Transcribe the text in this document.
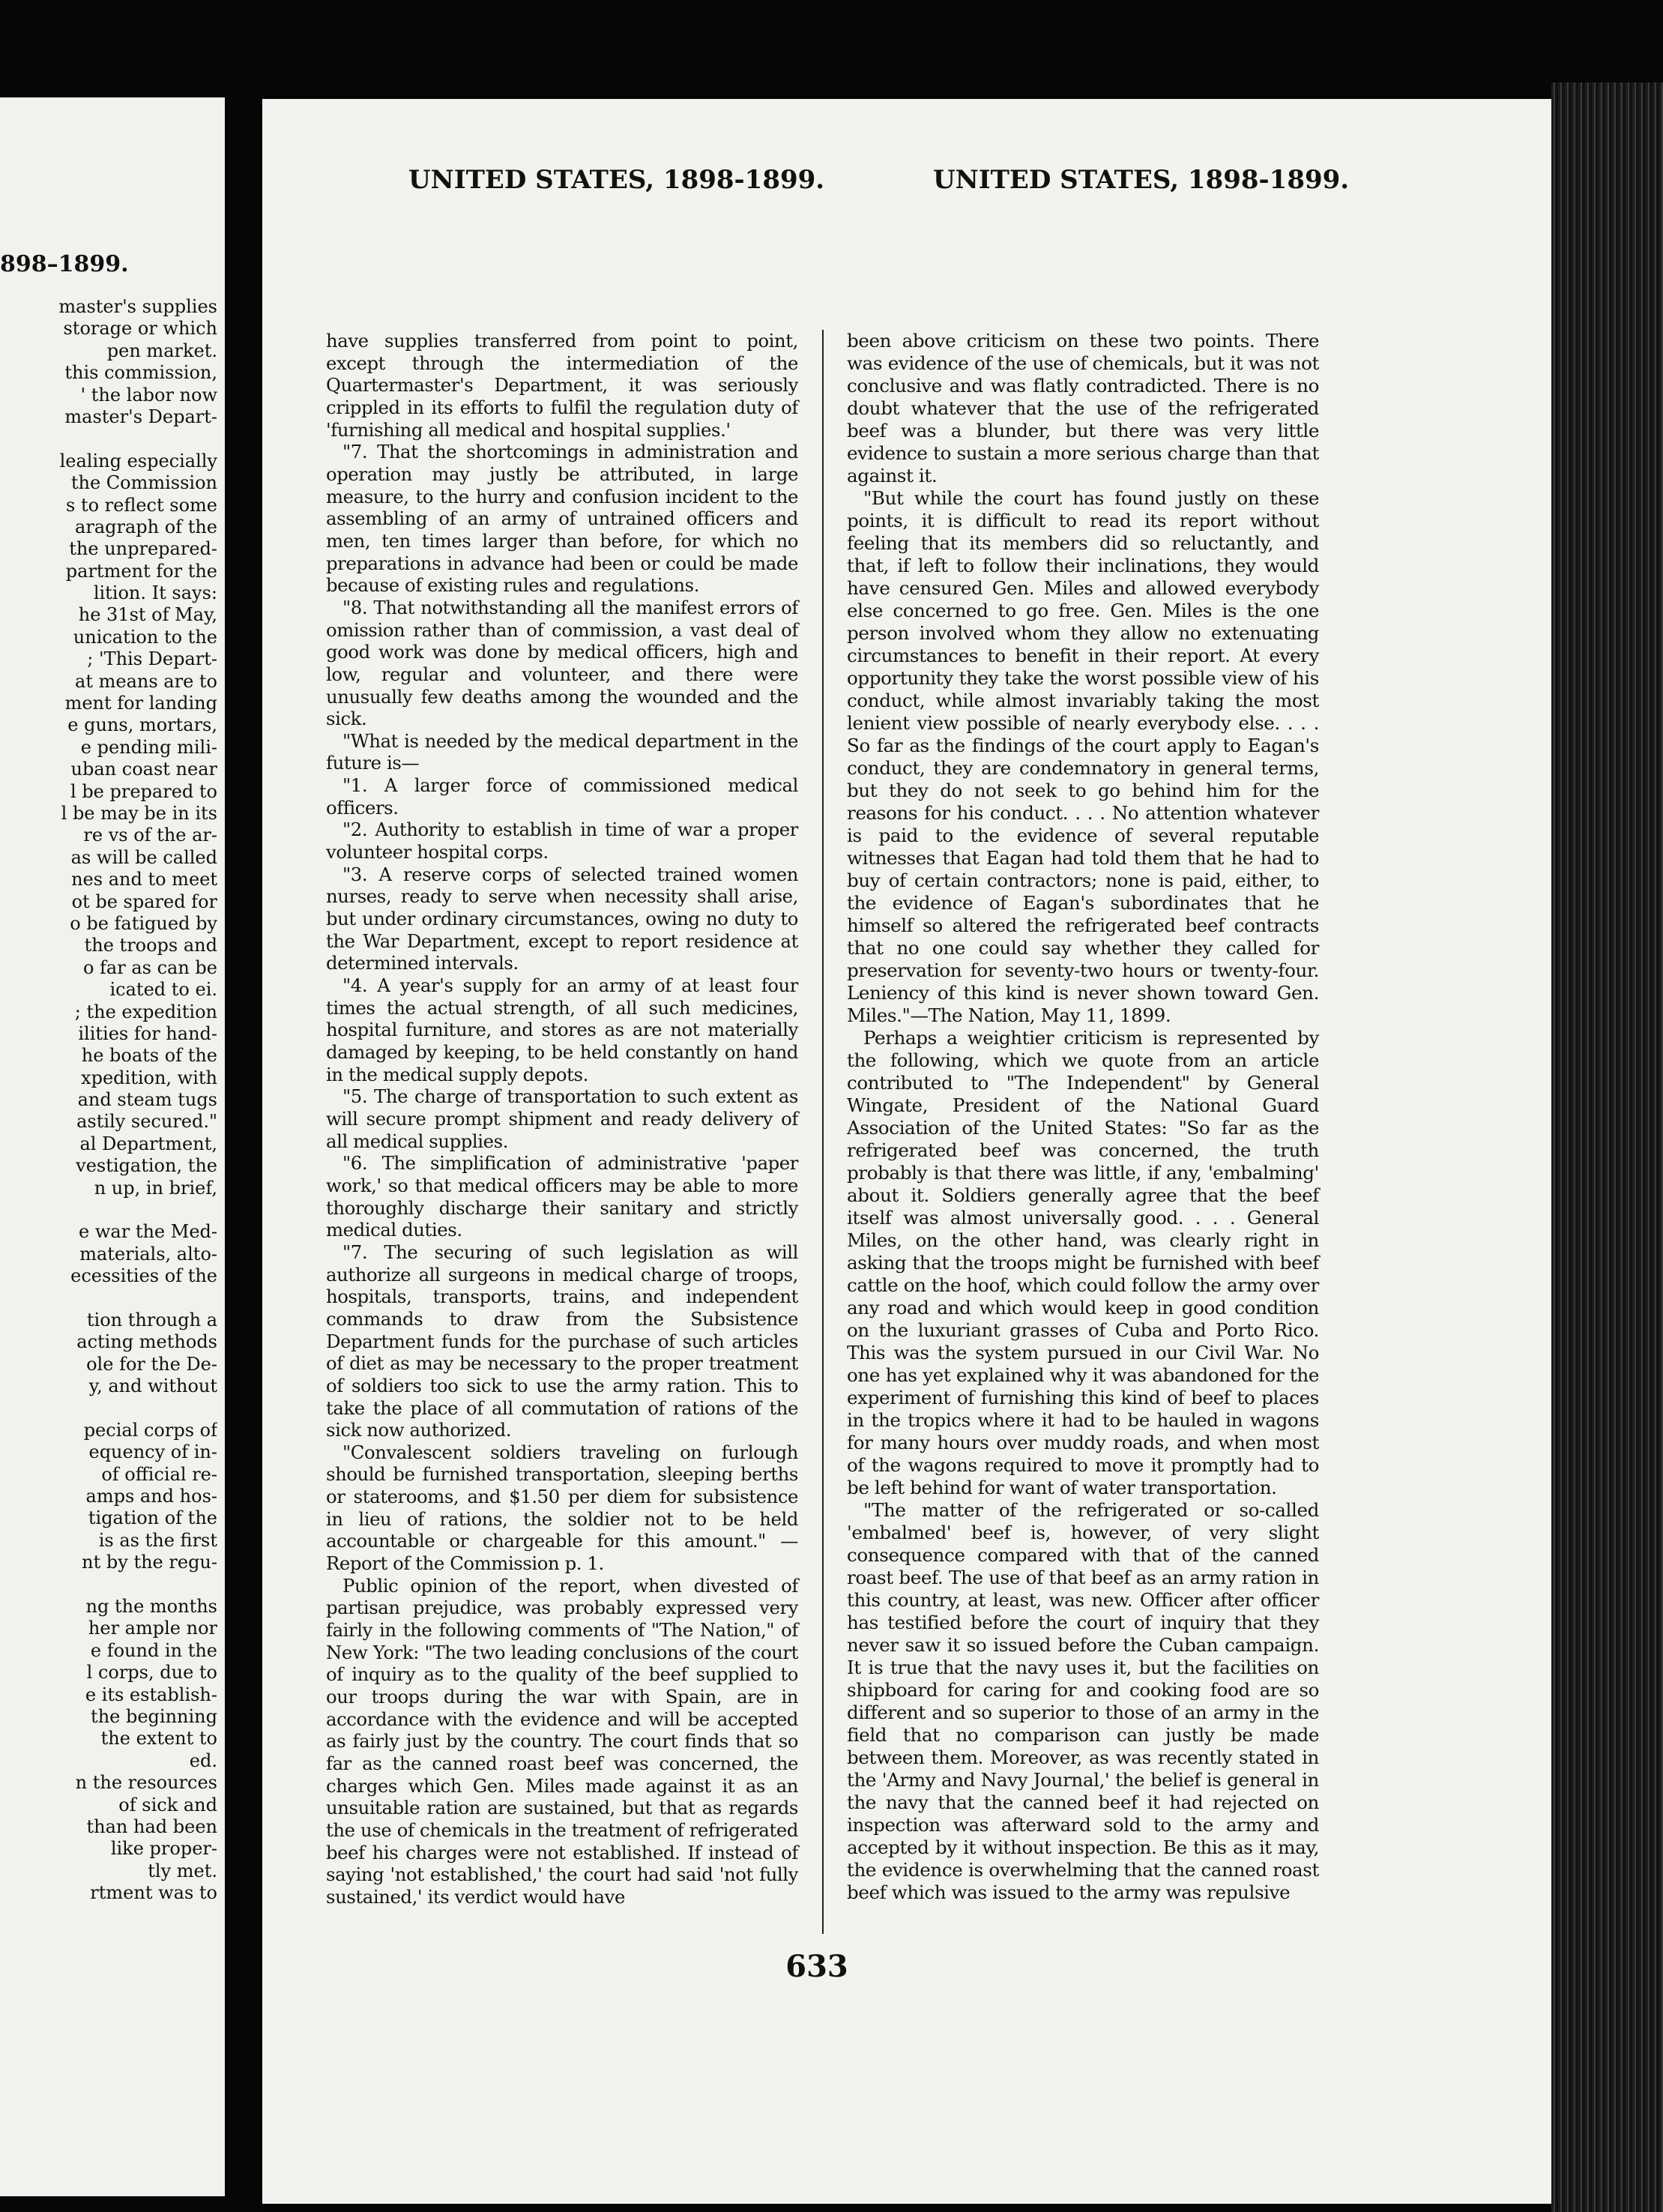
898–1899.
master's supplies
storage or which
pen market.
this commission,
' the labor now
master's Depart-
lealing especially
the Commission
s to reflect some
aragraph of the
the unprepared-
partment for the
lition. It says:
he 31st of May,
unication to the
; 'This Depart-
at means are to
ment for landing
e guns, mortars,
e pending mili-
uban coast near
l be prepared to
l be may be in its
re vs of the ar-
as will be called
nes and to meet
ot be spared for
o be fatigued by
the troops and
o far as can be
icated to ei.
; the expedition
ilities for hand-
he boats of the
xpedition, with
and steam tugs
astily secured."
al Department,
vestigation, the
n up, in brief,
e war the Med-
materials, alto-
ecessities of the
tion through a
acting methods
ole for the De-
y, and without
pecial corps of
equency of in-
of official re-
amps and hos-
tigation of the
is as the first
nt by the regu-
ng the months
her ample nor
e found in the
l corps, due to
e its establish-
the beginning
the extent to
ed.
n the resources
of sick and
than had been
like proper-
tly met.
rtment was to
UNITED STATES, 1898-1899.	UNITED STATES, 1898-1899.

have supplies transferred from point to point, except through the intermediation of the Quartermaster's Department, it was seriously crippled in its efforts to fulfil the regulation duty of 'furnishing all medical and hospital supplies.'

"7. That the shortcomings in administration and operation may justly be attributed, in large measure, to the hurry and confusion incident to the assembling of an army of untrained officers and men, ten times larger than before, for which no preparations in advance had been or could be made because of existing rules and regulations.

"8. That notwithstanding all the manifest errors of omission rather than of commission, a vast deal of good work was done by medical officers, high and low, regular and volunteer, and there were unusually few deaths among the wounded and the sick.

"What is needed by the medical department in the future is—

"1. A larger force of commissioned medical officers.

"2. Authority to establish in time of war a proper volunteer hospital corps.

"3. A reserve corps of selected trained women nurses, ready to serve when necessity shall arise, but under ordinary circumstances, owing no duty to the War Department, except to report residence at determined intervals.

"4. A year's supply for an army of at least four times the actual strength, of all such medicines, hospital furniture, and stores as are not materially damaged by keeping, to be held constantly on hand in the medical supply depots.

"5. The charge of transportation to such extent as will secure prompt shipment and ready delivery of all medical supplies.

"6. The simplification of administrative 'paper work,' so that medical officers may be able to more thoroughly discharge their sanitary and strictly medical duties.

"7. The securing of such legislation as will authorize all surgeons in medical charge of troops, hospitals, transports, trains, and independent commands to draw from the Subsistence Department funds for the purchase of such articles of diet as may be necessary to the proper treatment of soldiers too sick to use the army ration. This to take the place of all commutation of rations of the sick now authorized.

"Convalescent soldiers traveling on furlough should be furnished transportation, sleeping berths or staterooms, and $1.50 per diem for subsistence in lieu of rations, the soldier not to be held accountable or chargeable for this amount." —Report of the Commission p. 1.

Public opinion of the report, when divested of partisan prejudice, was probably expressed very fairly in the following comments of "The Nation," of New York: "The two leading conclusions of the court of inquiry as to the quality of the beef supplied to our troops during the war with Spain, are in accordance with the evidence and will be accepted as fairly just by the country. The court finds that so far as the canned roast beef was concerned, the charges which Gen. Miles made against it as an unsuitable ration are sustained, but that as regards the use of chemicals in the treatment of refrigerated beef his charges were not established. If instead of saying 'not established,' the court had said 'not fully sustained,' its verdict would have

been above criticism on these two points. There was evidence of the use of chemicals, but it was not conclusive and was flatly contradicted. There is no doubt whatever that the use of the refrigerated beef was a blunder, but there was very little evidence to sustain a more serious charge than that against it.

"But while the court has found justly on these points, it is difficult to read its report without feeling that its members did so reluctantly, and that, if left to follow their inclinations, they would have censured Gen. Miles and allowed everybody else concerned to go free. Gen. Miles is the one person involved whom they allow no extenuating circumstances to benefit in their report. At every opportunity they take the worst possible view of his conduct, while almost invariably taking the most lenient view possible of nearly everybody else. . . . So far as the findings of the court apply to Eagan's conduct, they are condemnatory in general terms, but they do not seek to go behind him for the reasons for his conduct. . . . No attention whatever is paid to the evidence of several reputable witnesses that Eagan had told them that he had to buy of certain contractors; none is paid, either, to the evidence of Eagan's subordinates that he himself so altered the refrigerated beef contracts that no one could say whether they called for preservation for seventy-two hours or twenty-four. Leniency of this kind is never shown toward Gen. Miles."—The Nation, May 11, 1899.

Perhaps a weightier criticism is represented by the following, which we quote from an article contributed to "The Independent" by General Wingate, President of the National Guard Association of the United States: "So far as the refrigerated beef was concerned, the truth probably is that there was little, if any, 'embalming' about it. Soldiers generally agree that the beef itself was almost universally good. . . . General Miles, on the other hand, was clearly right in asking that the troops might be furnished with beef cattle on the hoof, which could follow the army over any road and which would keep in good condition on the luxuriant grasses of Cuba and Porto Rico. This was the system pursued in our Civil War. No one has yet explained why it was abandoned for the experiment of furnishing this kind of beef to places in the tropics where it had to be hauled in wagons for many hours over muddy roads, and when most of the wagons required to move it promptly had to be left behind for want of water transportation.

"The matter of the refrigerated or so-called 'embalmed' beef is, however, of very slight consequence compared with that of the canned roast beef. The use of that beef as an army ration in this country, at least, was new. Officer after officer has testified before the court of inquiry that they never saw it so issued before the Cuban campaign. It is true that the navy uses it, but the facilities on shipboard for caring for and cooking food are so different and so superior to those of an army in the field that no comparison can justly be made between them. Moreover, as was recently stated in the 'Army and Navy Journal,' the belief is general in the navy that the canned beef it had rejected on inspection was afterward sold to the army and accepted by it without inspection. Be this as it may, the evidence is overwhelming that the canned roast beef which was issued to the army was repulsive

633
